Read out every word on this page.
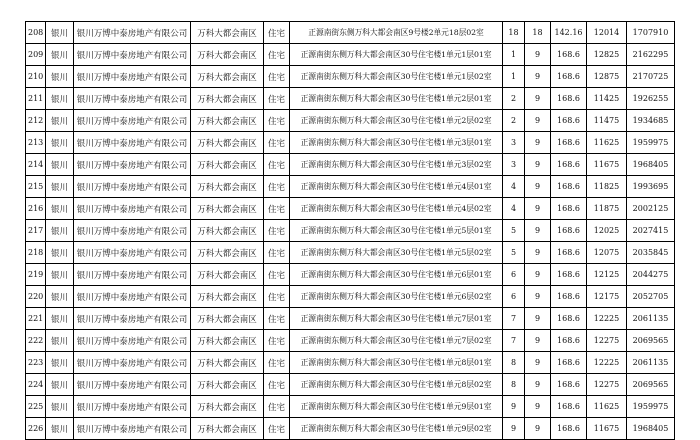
208	银川	银川万博中泰房地产有限公司	万科大都会南区	住宅	正源南街东侧万科大都会南区9号楼2单元18层02室	18	18	142.16	12014	1707910
209	银川	银川万博中泰房地产有限公司	万科大都会南区	住宅	正源南街东侧万科大都会南区30号住宅楼1单元1层01室	1	9	168.6	12825	2162295
210	银川	银川万博中泰房地产有限公司	万科大都会南区	住宅	正源南街东侧万科大都会南区30号住宅楼1单元1层02室	1	9	168.6	12875	2170725
211	银川	银川万博中泰房地产有限公司	万科大都会南区	住宅	正源南街东侧万科大都会南区30号住宅楼1单元2层01室	2	9	168.6	11425	1926255
212	银川	银川万博中泰房地产有限公司	万科大都会南区	住宅	正源南街东侧万科大都会南区30号住宅楼1单元2层02室	2	9	168.6	11475	1934685
213	银川	银川万博中泰房地产有限公司	万科大都会南区	住宅	正源南街东侧万科大都会南区30号住宅楼1单元3层01室	3	9	168.6	11625	1959975
214	银川	银川万博中泰房地产有限公司	万科大都会南区	住宅	正源南街东侧万科大都会南区30号住宅楼1单元3层02室	3	9	168.6	11675	1968405
215	银川	银川万博中泰房地产有限公司	万科大都会南区	住宅	正源南街东侧万科大都会南区30号住宅楼1单元4层01室	4	9	168.6	11825	1993695
216	银川	银川万博中泰房地产有限公司	万科大都会南区	住宅	正源南街东侧万科大都会南区30号住宅楼1单元4层02室	4	9	168.6	11875	2002125
217	银川	银川万博中泰房地产有限公司	万科大都会南区	住宅	正源南街东侧万科大都会南区30号住宅楼1单元5层01室	5	9	168.6	12025	2027415
218	银川	银川万博中泰房地产有限公司	万科大都会南区	住宅	正源南街东侧万科大都会南区30号住宅楼1单元5层02室	5	9	168.6	12075	2035845
219	银川	银川万博中泰房地产有限公司	万科大都会南区	住宅	正源南街东侧万科大都会南区30号住宅楼1单元6层01室	6	9	168.6	12125	2044275
220	银川	银川万博中泰房地产有限公司	万科大都会南区	住宅	正源南街东侧万科大都会南区30号住宅楼1单元6层02室	6	9	168.6	12175	2052705
221	银川	银川万博中泰房地产有限公司	万科大都会南区	住宅	正源南街东侧万科大都会南区30号住宅楼1单元7层01室	7	9	168.6	12225	2061135
222	银川	银川万博中泰房地产有限公司	万科大都会南区	住宅	正源南街东侧万科大都会南区30号住宅楼1单元7层02室	7	9	168.6	12275	2069565
223	银川	银川万博中泰房地产有限公司	万科大都会南区	住宅	正源南街东侧万科大都会南区30号住宅楼1单元8层01室	8	9	168.6	12225	2061135
224	银川	银川万博中泰房地产有限公司	万科大都会南区	住宅	正源南街东侧万科大都会南区30号住宅楼1单元8层02室	8	9	168.6	12275	2069565
225	银川	银川万博中泰房地产有限公司	万科大都会南区	住宅	正源南街东侧万科大都会南区30号住宅楼1单元9层01室	9	9	168.6	11625	1959975
226	银川	银川万博中泰房地产有限公司	万科大都会南区	住宅	正源南街东侧万科大都会南区30号住宅楼1单元9层02室	9	9	168.6	11675	1968405
